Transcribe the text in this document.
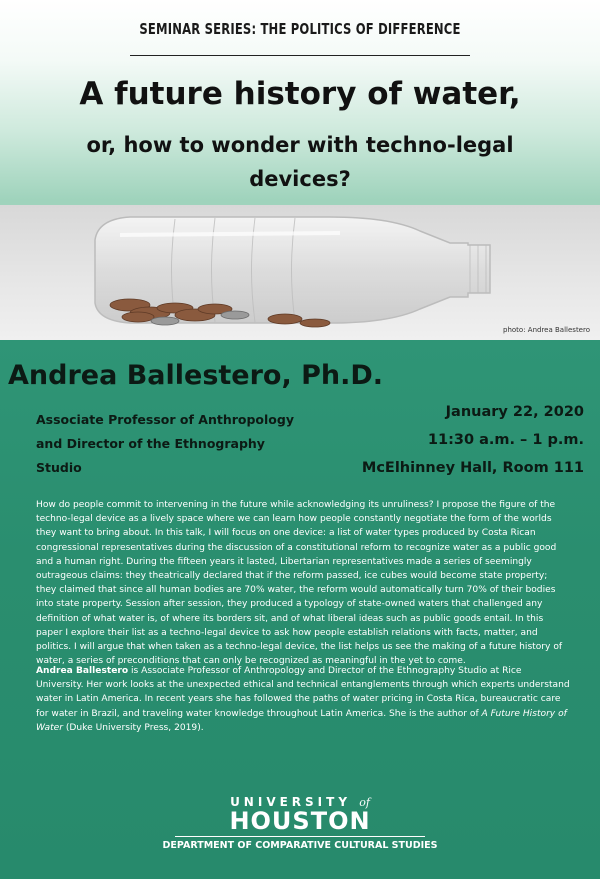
SEMINAR SERIES: THE POLITICS OF DIFFERENCE
A future history of water,
or, how to wonder with techno-legal devices?
photo: Andrea Ballestero
Andrea Ballestero, Ph.D.
Associate Professor of Anthropology and Director of the Ethnography Studio
January 22, 2020
11:30 a.m. – 1 p.m.
McElhinney Hall, Room 111

How do people commit to intervening in the future while acknowledging its unruliness? I propose the figure of the techno-legal device as a lively space where we can learn how people constantly negotiate the form of the worlds they want to bring about. In this talk, I will focus on one device: a list of water types produced by Costa Rican congressional representatives during the discussion of a constitutional reform to recognize water as a public good and a human right. During the fifteen years it lasted, Libertarian representatives made a series of seemingly outrageous claims: they theatrically declared that if the reform passed, ice cubes would become state property; they claimed that since all human bodies are 70% water, the reform would automatically turn 70% of their bodies into state property. Session after session, they produced a typology of state-owned waters that challenged any definition of what water is, of where its borders sit, and of what liberal ideas such as public goods entail. In this paper I explore their list as a techno-legal device to ask how people establish relations with facts, matter, and politics. I will argue that when taken as a techno-legal device, the list helps us see the making of a future history of water, a series of preconditions that can only be recognized as meaningful in the yet to come.

Andrea Ballestero is Associate Professor of Anthropology and Director of the Ethnography Studio at Rice University. Her work looks at the unexpected ethical and technical entanglements through which experts understand water in Latin America. In recent years she has followed the paths of water pricing in Costa Rica, bureaucratic care for water in Brazil, and traveling water knowledge throughout Latin America. She is the author of A Future History of Water (Duke University Press, 2019).

UNIVERSITY of
HOUSTON
DEPARTMENT OF COMPARATIVE CULTURAL STUDIES
